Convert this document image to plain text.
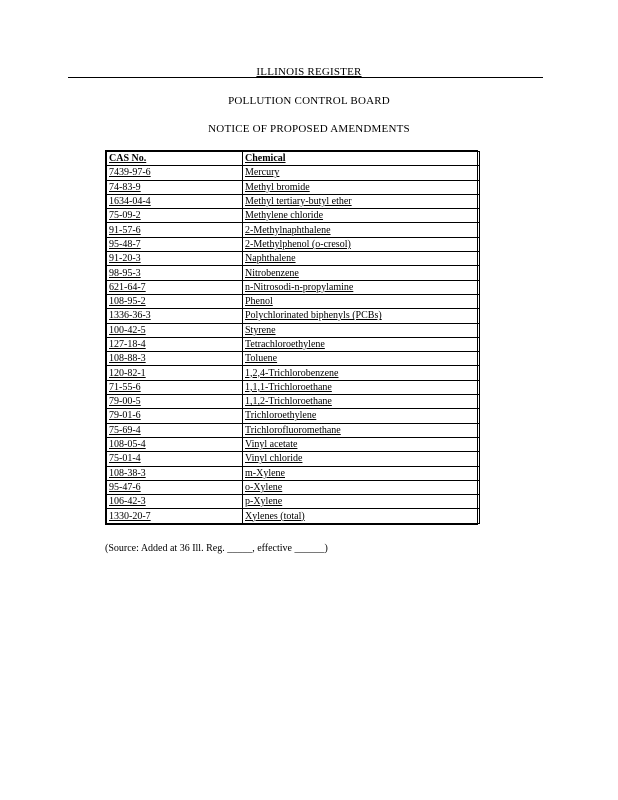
ILLINOIS REGISTER
POLLUTION CONTROL BOARD
NOTICE OF PROPOSED AMENDMENTS
CAS No.	Chemical
7439-97-6	Mercury
74-83-9	Methyl bromide
1634-04-4	Methyl tertiary-butyl ether
75-09-2	Methylene chloride
91-57-6	2-Methylnaphthalene
95-48-7	2-Methylphenol (o-cresol)
91-20-3	Naphthalene
98-95-3	Nitrobenzene
621-64-7	n-Nitrosodi-n-propylamine
108-95-2	Phenol
1336-36-3	Polychlorinated biphenyls (PCBs)
100-42-5	Styrene
127-18-4	Tetrachloroethylene
108-88-3	Toluene
120-82-1	1,2,4-Trichlorobenzene
71-55-6	1,1,1-Trichloroethane
79-00-5	1,1,2-Trichloroethane
79-01-6	Trichloroethylene
75-69-4	Trichlorofluoromethane
108-05-4	Vinyl acetate
75-01-4	Vinyl chloride
108-38-3	m-Xylene
95-47-6	o-Xylene
106-42-3	p-Xylene
1330-20-7	Xylenes (total)
(Source: Added at 36 Ill. Reg. _____, effective ______)
